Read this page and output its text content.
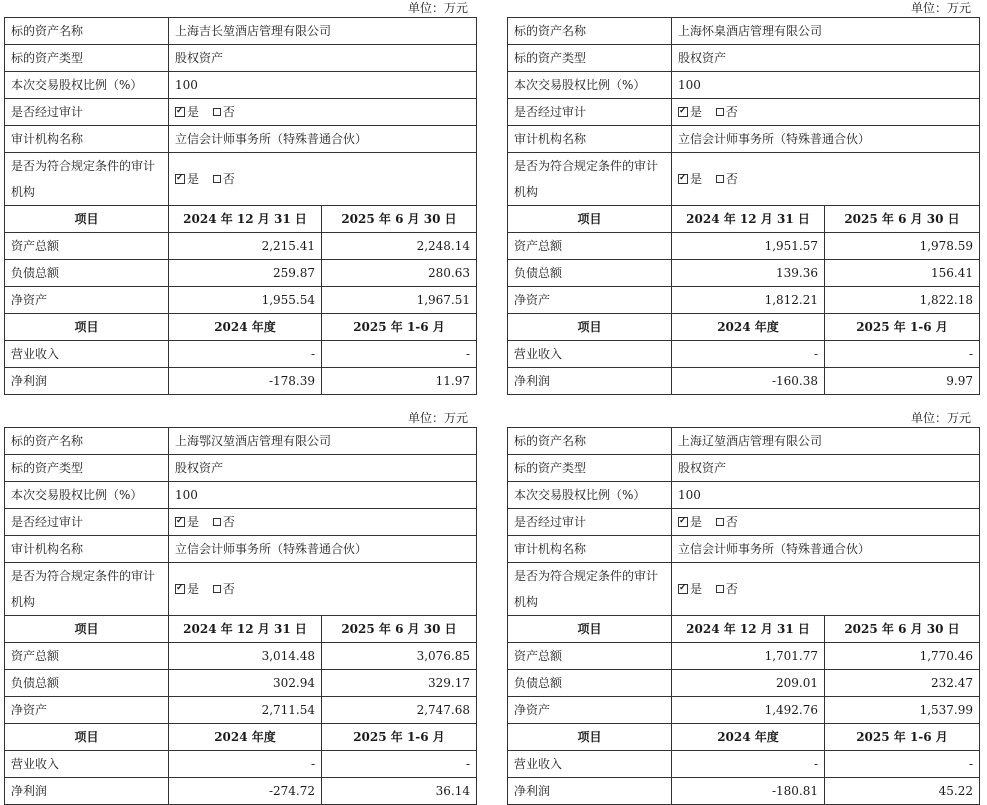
单位：万元
标的资产名称	上海吉长堃酒店管理有限公司	
标的资产类型	股权资产	
本次交易股权比例（%）	100	
是否经过审计	✓是 否
审计机构名称	立信会计师事务所（特殊普通合伙）	
是否为符合规定条件的审计机构	✓是 否
项目	2024 年 12 月 31 日	2025 年 6 月 30 日
资产总额	2,215.41	2,248.14
负债总额	259.87	280.63
净资产	1,955.54	1,967.51
项目	2024 年度	2025 年 1-6 月
营业收入	-	-
净利润	-178.39	11.97
单位：万元
标的资产名称	上海怀臬酒店管理有限公司	
标的资产类型	股权资产	
本次交易股权比例（%）	100	
是否经过审计	✓是 否
审计机构名称	立信会计师事务所（特殊普通合伙）	
是否为符合规定条件的审计机构	✓是 否
项目	2024 年 12 月 31 日	2025 年 6 月 30 日
资产总额	1,951.57	1,978.59
负债总额	139.36	156.41
净资产	1,812.21	1,822.18
项目	2024 年度	2025 年 1-6 月
营业收入	-	-
净利润	-160.38	9.97
单位：万元
标的资产名称	上海鄂汉堃酒店管理有限公司	
标的资产类型	股权资产	
本次交易股权比例（%）	100	
是否经过审计	✓是 否
审计机构名称	立信会计师事务所（特殊普通合伙）	
是否为符合规定条件的审计机构	✓是 否
项目	2024 年 12 月 31 日	2025 年 6 月 30 日
资产总额	3,014.48	3,076.85
负债总额	302.94	329.17
净资产	2,711.54	2,747.68
项目	2024 年度	2025 年 1-6 月
营业收入	-	-
净利润	-274.72	36.14
单位：万元
标的资产名称	上海辽堃酒店管理有限公司	
标的资产类型	股权资产	
本次交易股权比例（%）	100	
是否经过审计	✓是 否
审计机构名称	立信会计师事务所（特殊普通合伙）	
是否为符合规定条件的审计机构	✓是 否
项目	2024 年 12 月 31 日	2025 年 6 月 30 日
资产总额	1,701.77	1,770.46
负债总额	209.01	232.47
净资产	1,492.76	1,537.99
项目	2024 年度	2025 年 1-6 月
营业收入	-	-
净利润	-180.81	45.22
